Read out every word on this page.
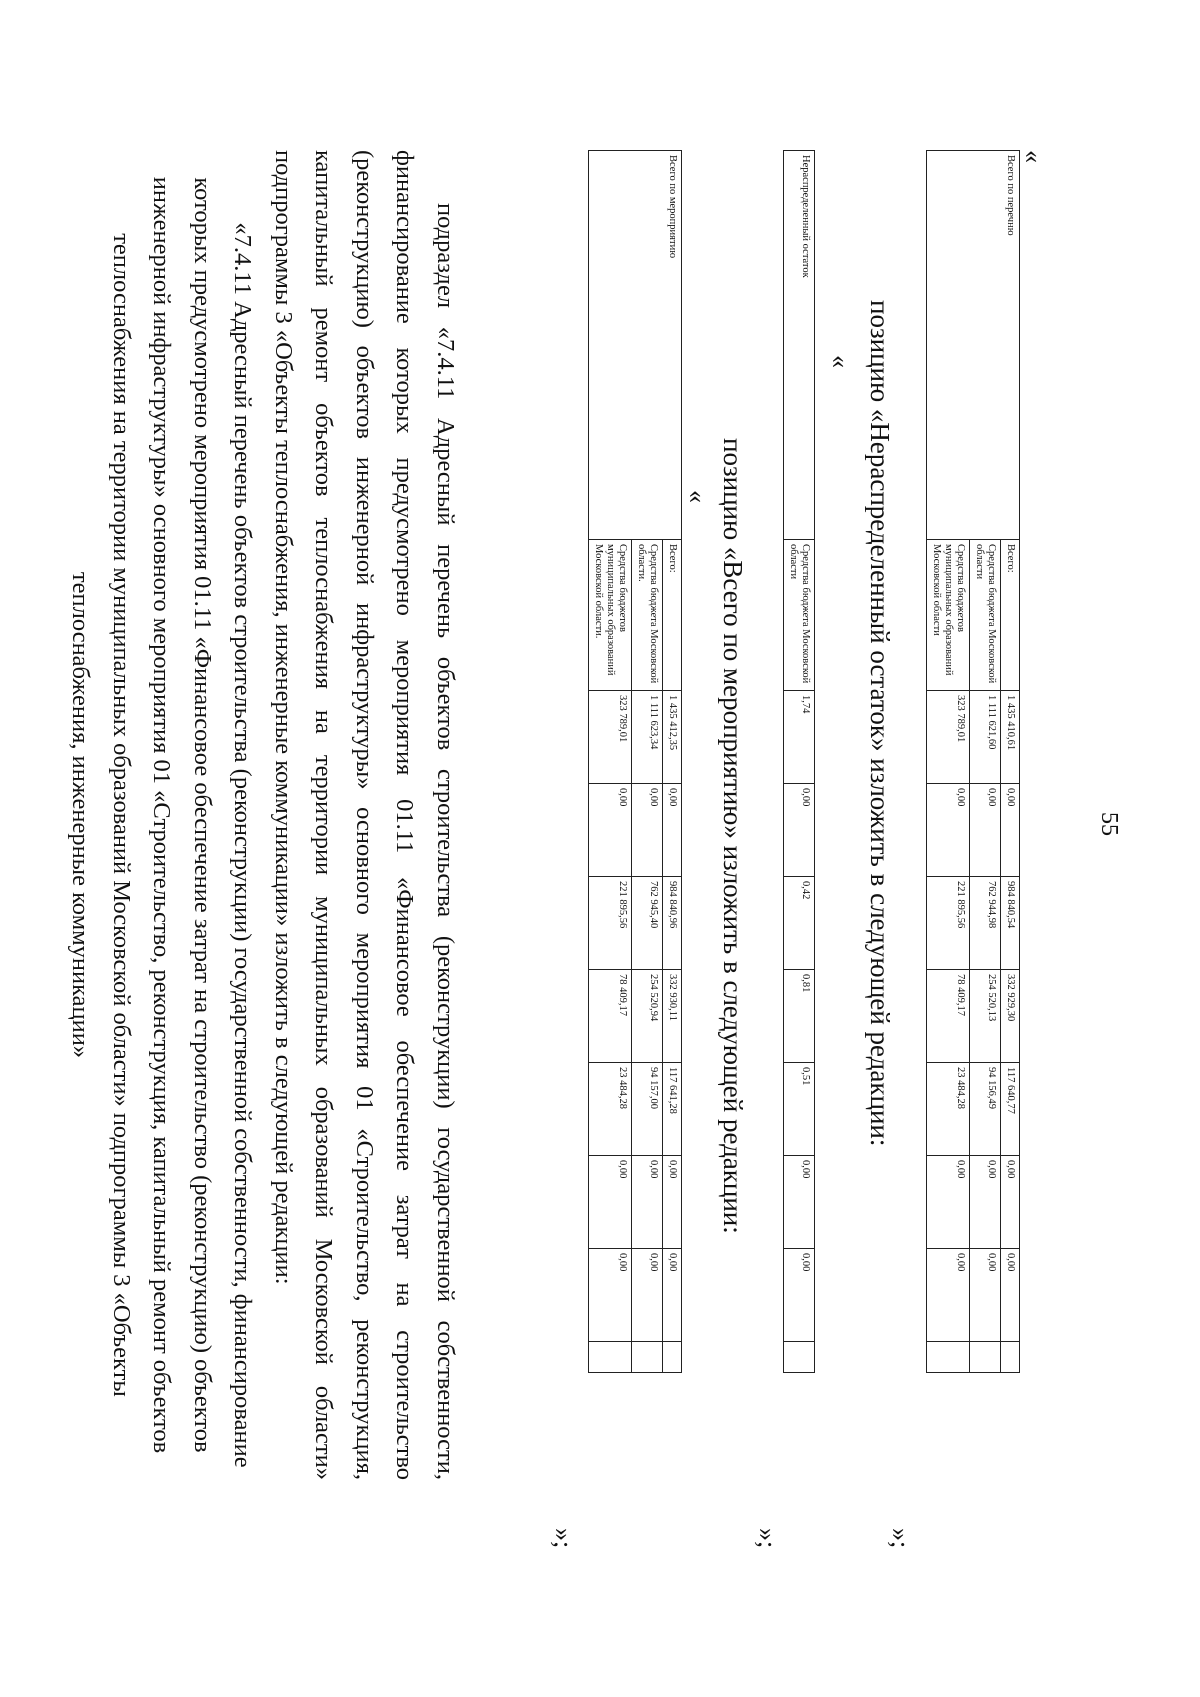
55
«
Всего по перечню	Всего:	1 435 410,61	0,00	984 840,54	332 929,30	117 640,77	0,00	0,00	
	Средства бюджета Московской области	1 111 621,60	0,00	762 944,98	254 520,13	94 156,49	0,00	0,00	
	Средства бюджетов муниципальных образований Московской области	323 789,01	0,00	221 895,56	78 409,17	23 484,28	0,00	0,00	
»;
позицию «Нераспределенный остаток» изложить в следующей редакции:
«
Нераспределенный остаток	Средства бюджета Московской области	1,74	0,00	0,42	0,81	0,51	0,00	0,00	
»;
позицию «Всего по мероприятию» изложить в следующей редакции:
«
Всего по мероприятию	Всего:	1 435 412,35	0,00	984 840,96	332 930,11	117 641,28	0,00	0,00	
	Средства бюджета Московской области.	1 111 623,34	0,00	762 945,40	254 520,94	94 157,00	0,00	0,00	
	Средства бюджетов муниципальных образований Московской области.	323 789,01	0,00	221 895,56	78 409,17	23 484,28	0,00	0,00	
»;

подраздел «7.4.11 Адресный перечень объектов строительства (реконструкции) государственной собственности, финансирование которых предусмотрено мероприятия 01.11 «Финансовое обеспечение затрат на строительство (реконструкцию) объектов инженерной инфраструктуры» основного мероприятия 01 «Строительство, реконструкция, капитальный ремонт объектов теплоснабжения на территории муниципальных образований Московской области» подпрограммы 3 «Объекты теплоснабжения, инженерные коммуникации» изложить в следующей редакции:

«7.4.11 Адресный перечень объектов строительства (реконструкции) государственной собственности, финансирование которых предусмотрено мероприятия 01.11 «Финансовое обеспечение затрат на строительство (реконструкцию) объектов инженерной инфраструктуры» основного мероприятия 01 «Строительство, реконструкция, капитальный ремонт объектов теплоснабжения на территории муниципальных образований Московской области» подпрограммы 3 «Объекты теплоснабжения, инженерные коммуникации»
